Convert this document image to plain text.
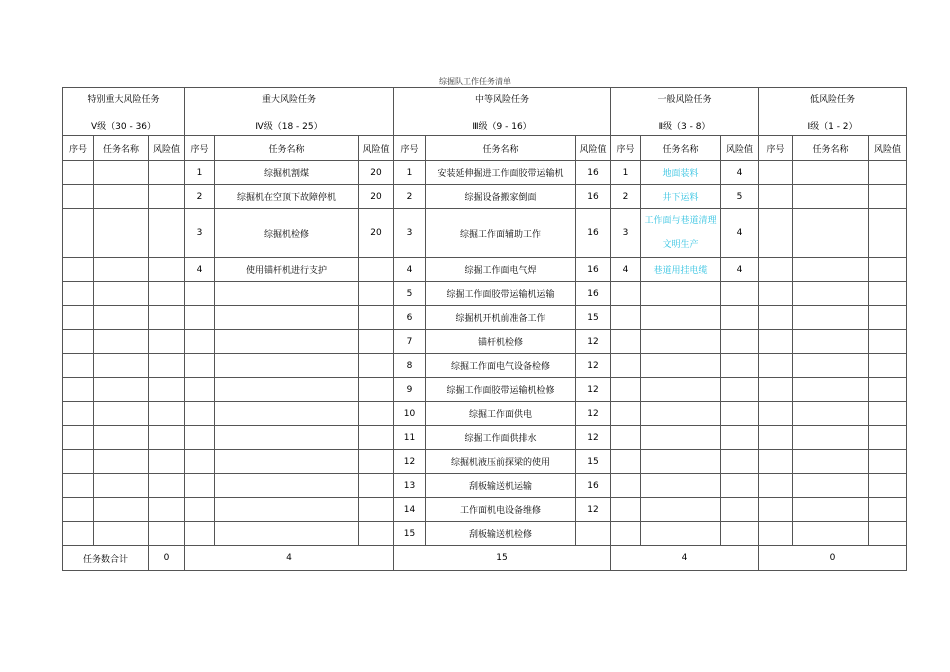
综掘队工作任务清单
特别重大风险任务
Ⅴ级（30 - 36）			重大风险任务
Ⅳ级（18 - 25）			中等风险任务
Ⅲ级（9 - 16）			一般风险任务
Ⅱ级（3 - 8）			低风险任务
Ⅰ级（1 - 2）		

序号	任务名称	风险值	序号	任务名称	风险值	序号	任务名称	风险值	序号	任务名称	风险值	序号	任务名称	风险值
			1	综掘机割煤	20	1	安装延伸掘进工作面胶带运输机	16	1	地面装料	4			
			2	综掘机在空顶下故障停机	20	2	综掘设备搬家倒面	16	2	井下运料	5			
			3	综掘机检修	20	3	综掘工作面辅助工作	16	3	工作面与巷道清理文明生产	4			
			4	使用锚杆机进行支护		4	综掘工作面电气焊	16	4	巷道用挂电缆	4			
						5	综掘工作面胶带运输机运输	16						
						6	综掘机开机前准备工作	15						
						7	锚杆机检修	12						
						8	综掘工作面电气设备检修	12						
						9	综掘工作面胶带运输机检修	12						
						10	综掘工作面供电	12						
						11	综掘工作面供排水	12						
						12	综掘机液压前探梁的使用	15						
						13	刮板输送机运输	16						
						14	工作面机电设备维修	12						
						15	刮板输送机检修							
任务数合计		0	4			15			4			0		
